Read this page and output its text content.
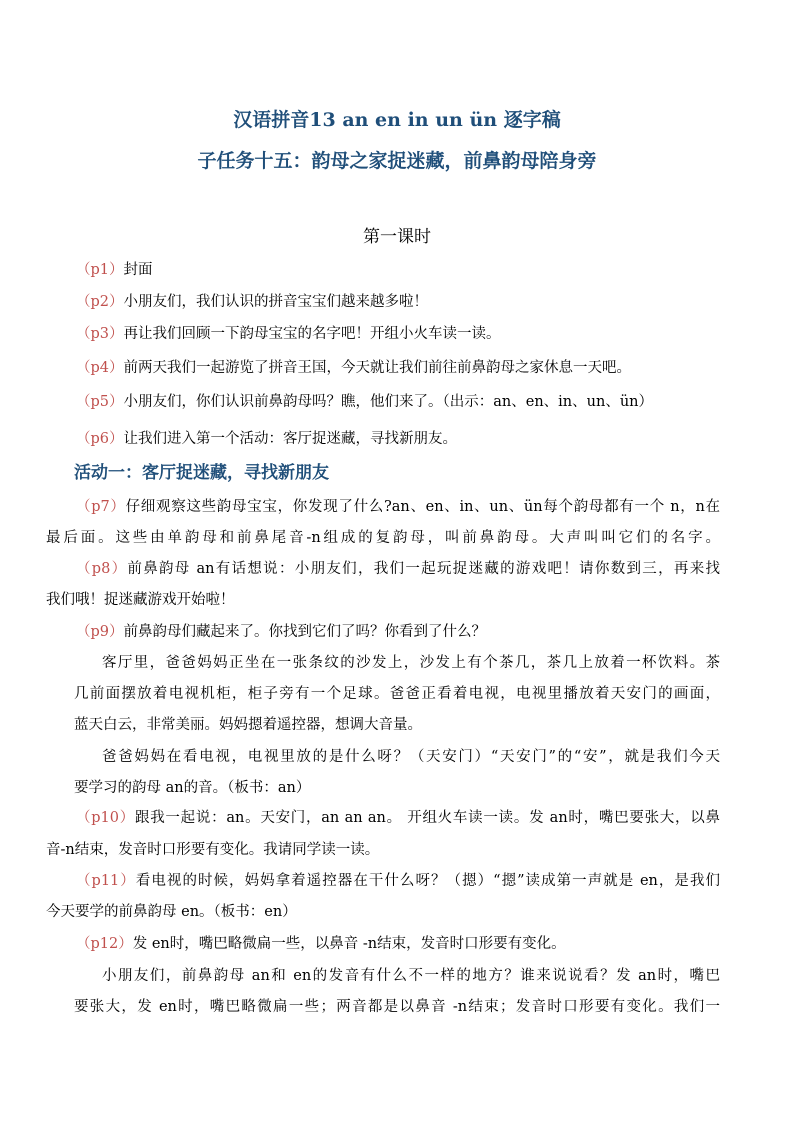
汉语拼音13 an en in un ün 逐字稿
子任务十五：韵母之家捉迷藏，前鼻韵母陪身旁
第一课时
活动一：客厅捉迷藏，寻找新朋友
（p1）封面
（p2）小朋友们，我们认识的拼音宝宝们越来越多啦！
（p3）再让我们回顾一下韵母宝宝的名字吧！开组小火车读一读。
（p4）前两天我们一起游览了拼音王国，今天就让我们前往前鼻韵母之家休息一天吧。
（p5）小朋友们，你们认识前鼻韵母吗？瞧，他们来了。（出示：an、en、in、un、ün）
（p6）让我们进入第一个活动：客厅捉迷藏，寻找新朋友。
（p7）仔细观察这些韵母宝宝，你发现了什么?an、en、in、un、ün每个韵母都有一个 n，n在
最后面。这些由单韵母和前鼻尾音-n组成的复韵母，叫前鼻韵母。大声叫叫它们的名字。
（p8）前鼻韵母 an有话想说：小朋友们，我们一起玩捉迷藏的游戏吧！请你数到三，再来找
我们哦！捉迷藏游戏开始啦！
（p9）前鼻韵母们藏起来了。你找到它们了吗？你看到了什么？
客厅里，爸爸妈妈正坐在一张条纹的沙发上，沙发上有个茶几，茶几上放着一杯饮料。茶
几前面摆放着电视机柜，柜子旁有一个足球。爸爸正看着电视，电视里播放着天安门的画面，
蓝天白云，非常美丽。妈妈摁着遥控器，想调大音量。
爸爸妈妈在看电视，电视里放的是什么呀？（天安门）“天安门”的“安”，就是我们今天
要学习的韵母 an的音。（板书：an）
（p10）跟我一起说：an。天安门，an an an。 开组火车读一读。发 an时，嘴巴要张大，以鼻
音-n结束，发音时口形要有变化。我请同学读一读。
（p11）看电视的时候，妈妈拿着遥控器在干什么呀？（摁）“摁”读成第一声就是 en，是我们
今天要学的前鼻韵母 en。（板书：en）
（p12）发 en时，嘴巴略微扁一些，以鼻音 -n结束，发音时口形要有变化。
小朋友们，前鼻韵母 an和 en的发音有什么不一样的地方？谁来说说看？发 an时，嘴巴
要张大，发 en时，嘴巴略微扁一些；两音都是以鼻音 -n结束；发音时口形要有变化。我们一
